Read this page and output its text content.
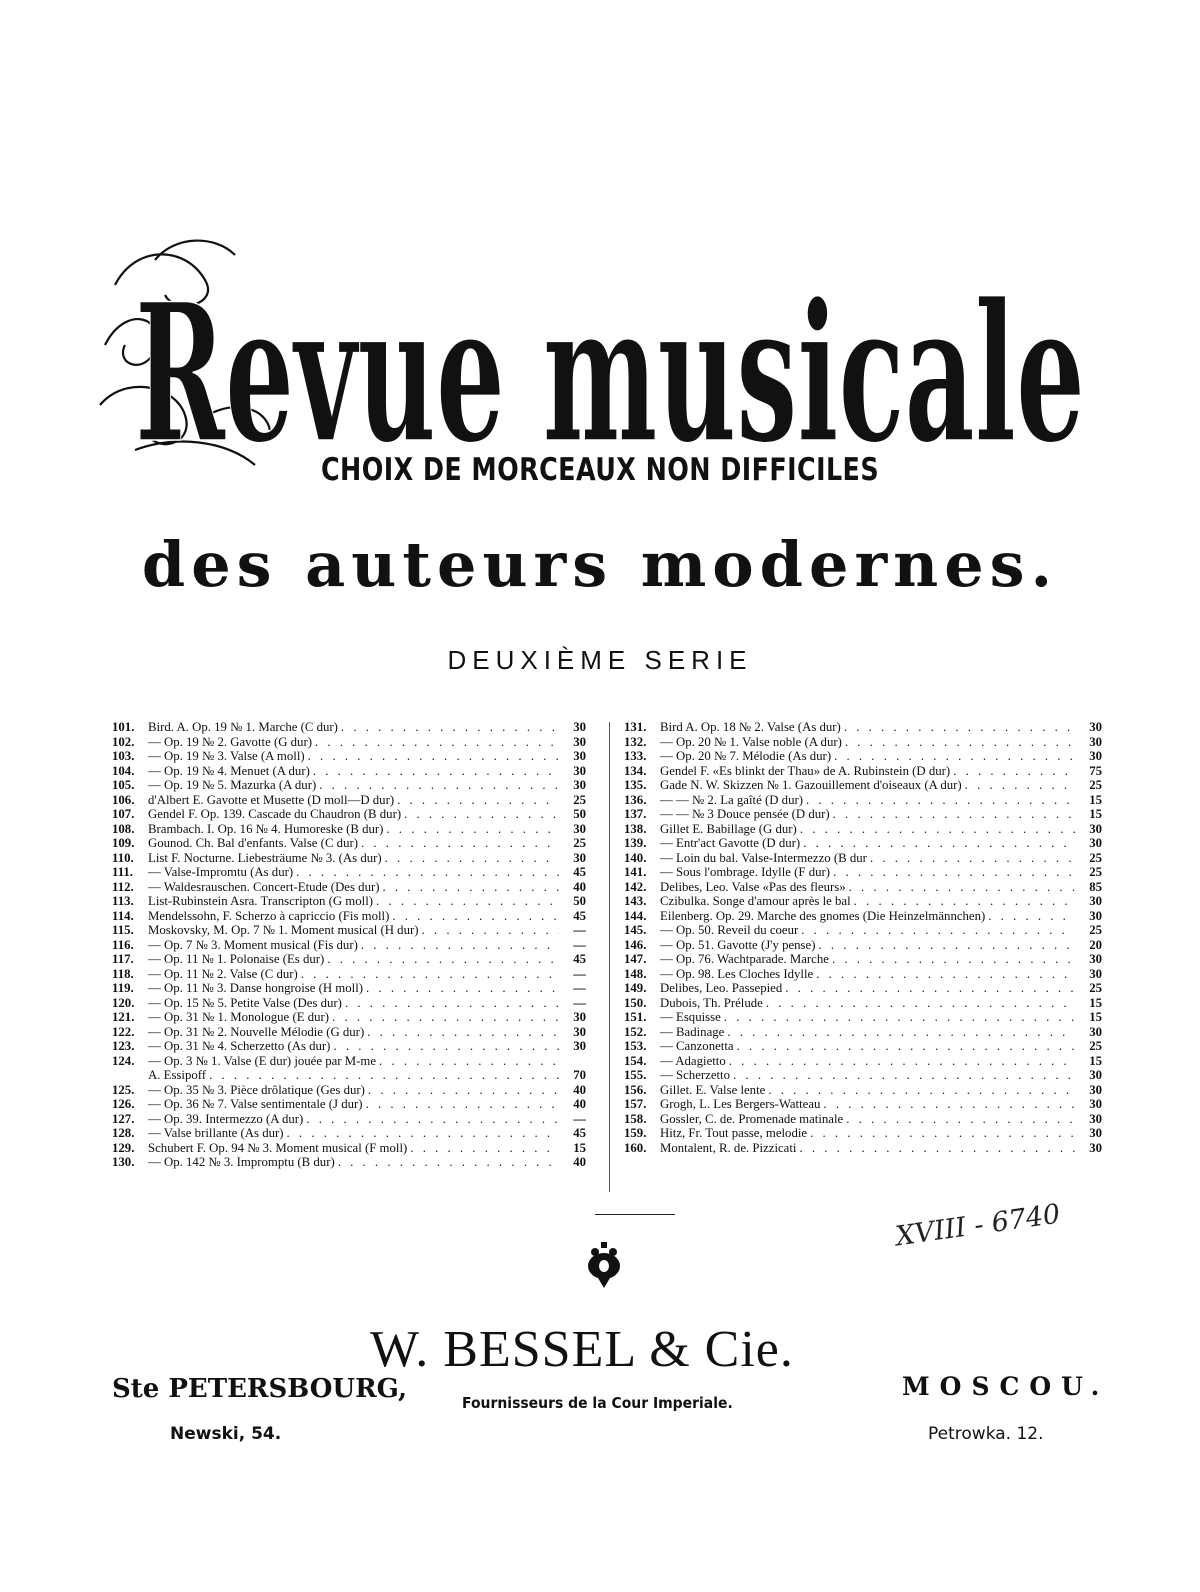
Revue musicale
CHOIX DE MORCEAUX NON DIFFICILES
des auteurs modernes.
DEUXIÈME SERIE
101.	Bird. A. Op. 19 № 1. Marche (C dur) . . .	30
102.	— Op. 19 № 2. Gavotte (G dur) . . .	30
103.	— Op. 19 № 3. Valse (A moll) . . .	30
104.	— Op. 19 № 4. Menuet (A dur) . . .	30
105.	— Op. 19 № 5. Mazurka (A dur) . . .	30
106.	d'Albert E. Gavotte et Musette (D moll—D dur) . . .	25
107.	Gendel F. Op. 139. Cascade du Chaudron (B dur) . . .	50
108.	Brambach. I. Op. 16 № 4. Humoreske (B dur) . . .	30
109.	Gounod. Ch. Bal d'enfants. Valse (C dur) . . .	25
110.	List F. Nocturne. Liebesträume № 3. (As dur) . . .	30
111.	— Valse-Impromtu (As dur) . . .	45
112.	— Waldesrauschen. Concert-Etude (Des dur) . . .	40
113.	List-Rubinstein Asra. Transcripton (G moll) . . .	50
114.	Mendelssohn, F. Scherzo à capriccio (Fis moll) . . .	45
115.	Moskovsky, M. Op. 7 № 1. Moment musical (H dur) . . .	—
116.	— Op. 7 № 3. Moment musical (Fis dur) . . .	—
117.	— Op. 11 № 1. Polonaise (Es dur) . . .	45
118.	— Op. 11 № 2. Valse (C dur) . . .	—
119.	— Op. 11 № 3. Danse hongroise (H moll) . . .	—
120.	— Op. 15 № 5. Petite Valse (Des dur) . . .	—
121.	— Op. 31 № 1. Monologue (E dur) . . .	30
122.	— Op. 31 № 2. Nouvelle Mélodie (G dur) . . .	30
123.	— Op. 31 № 4. Scherzetto (As dur) . . .	30
124.	— Op. 3 № 1. Valse (E dur) jouée par M-me
. . .
A. Essipoff . . .	70
125.	— Op. 35 № 3. Pièce drôlatique (Ges dur) . . .	40
126.	— Op. 36 № 7. Valse sentimentale (J dur) . . .	40
127.	— Op. 39. Intermezzo (A dur) . . .	—
128.	— Valse brillante (As dur) . . .	45
129.	Schubert F. Op. 94 № 3. Moment musical (F moll) . . .	15
130.	— Op. 142 № 3. Impromptu (B dur) . . .	40
131.	Bird A. Op. 18 № 2. Valse (As dur) . . .	30
132.	— Op. 20 № 1. Valse noble (A dur) . . .	30
133.	— Op. 20 № 7. Mélodie (As dur) . . .	30
134.	Gendel F. «Es blinkt der Thau» de A. Rubinstein (D dur) . . .	75
135.	Gade N. W. Skizzen № 1. Gazouillement d'oiseaux (A dur) . . .	25
136.	— — № 2. La gaîté (D dur) . . .	15
137.	— — № 3 Douce pensée (D dur) . . .	15
138.	Gillet E. Babillage (G dur) . . .	30
139.	— Entr'act Gavotte (D dur) . . .	30
140.	— Loin du bal. Valse-Intermezzo (B dur . . .	25
141.	— Sous l'ombrage. Idylle (F dur) . . .	25
142.	Delibes, Leo. Valse «Pas des fleurs» . . .	85
143.	Czibulka. Songe d'amour après le bal . . .	30
144.	Eilenberg. Op. 29. Marche des gnomes (Die Heinzelmännchen) . . .	30
145.	— Op. 50. Reveil du coeur . . .	25
146.	— Op. 51. Gavotte (J'y pense) . . .	20
147.	— Op. 76. Wachtparade. Marche . . .	30
148.	— Op. 98. Les Cloches Idylle . . .	30
149.	Delibes, Leo. Passepied . . .	25
150.	Dubois, Th. Prélude . . .	15
151.	— Esquisse . . .	15
152.	— Badinage . . .	30
153.	— Canzonetta . . .	25
154.	— Adagietto . . .	15
155.	— Scherzetto . . .	30
156.	Gillet. E. Valse lente . . .	30
157.	Grogh, L. Les Bergers-Watteau . . .	30
158.	Gossler, C. de. Promenade matinale . . .	30
159.	Hitz, Fr. Tout passe, melodie . . .	30
160.	Montalent, R. de. Pizzicati . . .	30
W. BESSEL & Cie.
Fournisseurs de la Cour Imperiale.
Ste PETERSBOURG,
Newski, 54.
MOSCOU.
Petrowka. 12.
XVIII - 6740
